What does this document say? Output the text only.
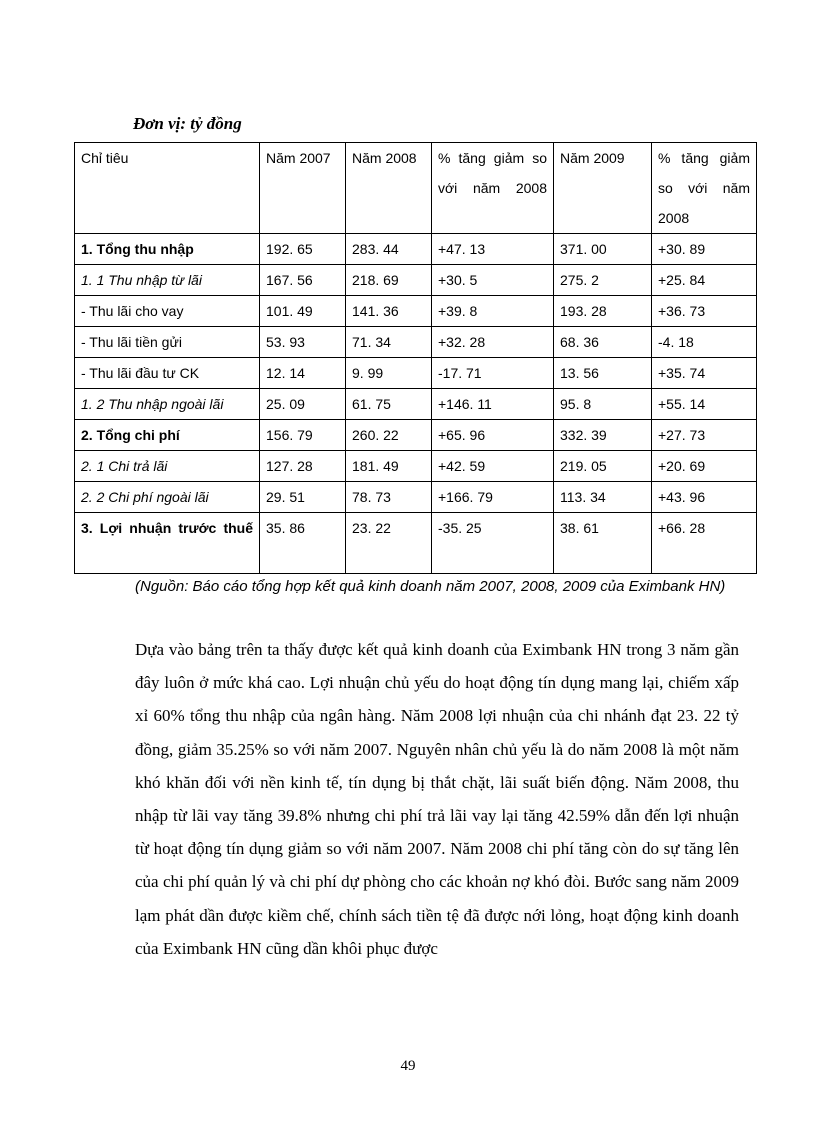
Đơn vị: tỷ đồng
Chỉ tiêu	Năm 2007	Năm 2008	% tăng giảm so với năm 2008	Năm 2009	% tăng giảm so với năm 2008
1. Tổng thu nhập	192. 65	283. 44	+47. 13	371. 00	+30. 89
1. 1 Thu nhập từ lãi	167. 56	218. 69	+30. 5	275. 2	+25. 84
- Thu lãi cho vay	101. 49	141. 36	+39. 8	193. 28	+36. 73
- Thu lãi tiền gửi	53. 93	71. 34	+32. 28	68. 36	-4. 18
- Thu lãi đầu tư CK	12. 14	9. 99	-17. 71	13. 56	+35. 74
1. 2 Thu nhập ngoài lãi	25. 09	61. 75	+146. 11	95. 8	+55. 14
2. Tổng chi phí	156. 79	260. 22	+65. 96	332. 39	+27. 73
2. 1 Chi trả lãi	127. 28	181. 49	+42. 59	219. 05	+20. 69
2. 2 Chi phí ngoài lãi	29. 51	78. 73	+166. 79	113. 34	+43. 96
3. Lợi nhuận trước thuế	35. 86	23. 22	-35. 25	38. 61	+66. 28
(Nguồn: Báo cáo tổng hợp kết quả kinh doanh năm 2007, 2008, 2009 của Eximbank HN)
Dựa vào bảng trên ta thấy được kết quả kinh doanh của Eximbank HN trong 3 năm gần đây luôn ở mức khá cao. Lợi nhuận chủ yếu do hoạt động tín dụng mang lại, chiếm xấp xỉ 60% tổng thu nhập của ngân hàng. Năm 2008 lợi nhuận của chi nhánh đạt 23. 22 tỷ đồng, giảm 35.25% so với năm 2007. Nguyên nhân chủ yếu là do năm 2008 là một năm khó khăn đối với nền kinh tế, tín dụng bị thắt chặt, lãi suất biến động. Năm 2008, thu nhập từ lãi vay tăng 39.8% nhưng chi phí trả lãi vay lại tăng 42.59% dẫn đến lợi nhuận từ hoạt động tín dụng giảm so với năm 2007. Năm 2008 chi phí tăng còn do sự tăng lên của chi phí quản lý và chi phí dự phòng cho các khoản nợ khó đòi. Bước sang năm 2009 lạm phát dần được kiềm chế, chính sách tiền tệ đã được nới lỏng, hoạt động kinh doanh của Eximbank HN cũng dần khôi phục được
49
